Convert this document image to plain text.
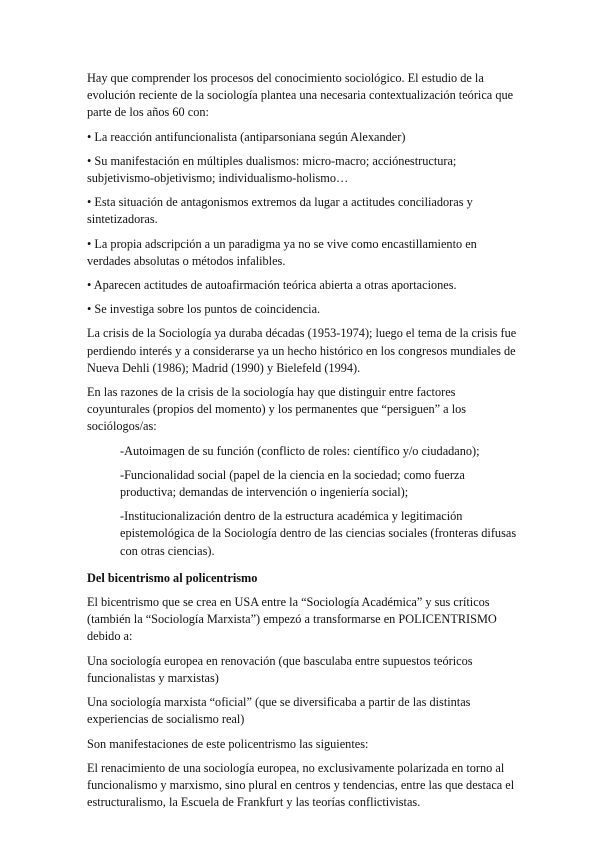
Hay que comprender los procesos del conocimiento sociológico. El estudio de la evolución reciente de la sociología plantea una necesaria contextualización teórica que parte de los años 60 con:

• La reacción antifuncionalista (antiparsoniana según Alexander)

• Su manifestación en múltiples dualismos: micro-macro; acciónestructura; subjetivismo-objetivismo; individualismo-holismo…

• Esta situación de antagonismos extremos da lugar a actitudes conciliadoras y sintetizadoras.

• La propia adscripción a un paradigma ya no se vive como encastillamiento en verdades absolutas o métodos infalibles.

• Aparecen actitudes de autoafirmación teórica abierta a otras aportaciones.

• Se investiga sobre los puntos de coincidencia.

La crisis de la Sociología ya duraba décadas (1953-1974); luego el tema de la crisis fue perdiendo interés y a considerarse ya un hecho histórico en los congresos mundiales de Nueva Dehli (1986); Madrid (1990) y Bielefeld (1994).

En las razones de la crisis de la sociología hay que distinguir entre factores coyunturales (propios del momento) y los permanentes que “persiguen” a los sociólogos/as:

-Autoimagen de su función (conflicto de roles: científico y/o ciudadano);

-Funcionalidad social (papel de la ciencia en la sociedad; como fuerza productiva; demandas de intervención o ingeniería social);

-Institucionalización dentro de la estructura académica y legitimación epistemológica de la Sociología dentro de las ciencias sociales (fronteras difusas con otras ciencias).

Del bicentrismo al policentrismo

El bicentrismo que se crea en USA entre la “Sociología Académica” y sus críticos (también la “Sociología Marxista”) empezó a transformarse en POLICENTRISMO debido a:

Una sociología europea en renovación (que basculaba entre supuestos teóricos funcionalistas y marxistas)

Una sociología marxista “oficial” (que se diversificaba a partir de las distintas experiencias de socialismo real)

Son manifestaciones de este policentrismo las siguientes:

El renacimiento de una sociología europea, no exclusivamente polarizada en torno al funcionalismo y marxismo, sino plural en centros y tendencias, entre las que destaca el estructuralismo, la Escuela de Frankfurt y las teorías conflictivistas.
